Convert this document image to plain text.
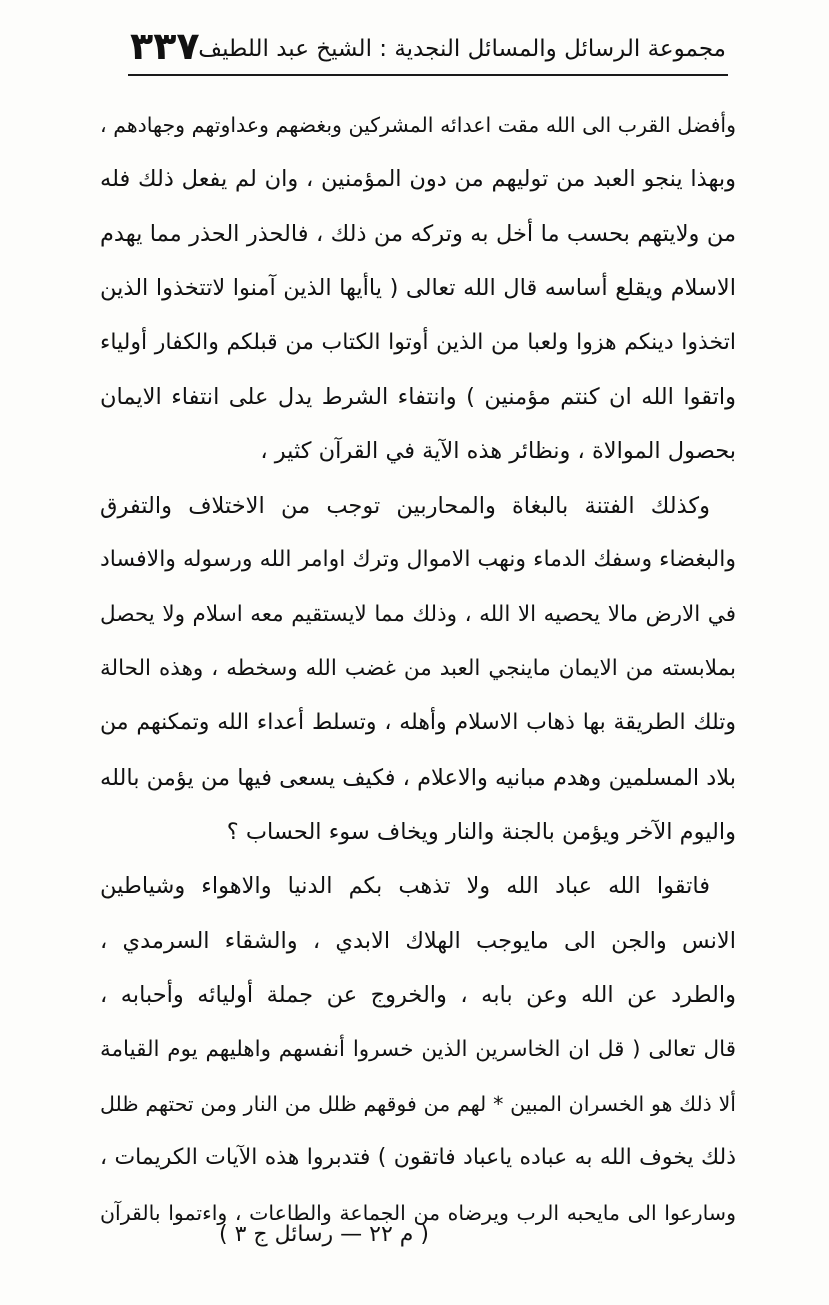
مجموعة الرسائل والمسائل النجدية : الشيخ عبد اللطيف
٣٣٧
وأفضل القرب الى الله مقت اعدائه المشركين وبغضهم وعداوتهم وجهادهم ،
وبهذا ينجو العبد من توليهم من دون المؤمنين ، وان لم يفعل ذلك فله
من ولايتهم بحسب ما أخل به وتركه من ذلك ، فالحذر الحذر مما يهدم
الاسلام ويقلع أساسه قال الله تعالى ( ياأيها الذين آمنوا لاتتخذوا الذين
اتخذوا دينكم هزوا ولعبا من الذين أوتوا الكتاب من قبلكم والكفار أولياء
واتقوا الله ان كنتم مؤمنين ) وانتفاء الشرط يدل على انتفاء الايمان
بحصول الموالاة ، ونظائر هذه الآية في القرآن كثير ،
وكذلك الفتنة بالبغاة والمحاربين توجب من الاختلاف والتفرق
والبغضاء وسفك الدماء ونهب الاموال وترك اوامر الله ورسوله والافساد
في الارض مالا يحصيه الا الله ، وذلك مما لايستقيم معه اسلام ولا يحصل
بملابسته من الايمان ماينجي العبد من غضب الله وسخطه ، وهذه الحالة
وتلك الطريقة بها ذهاب الاسلام وأهله ، وتسلط أعداء الله وتمكنهم من
بلاد المسلمين وهدم مبانيه والاعلام ، فكيف يسعى فيها من يؤمن بالله
واليوم الآخر ويؤمن بالجنة والنار ويخاف سوء الحساب ؟
فاتقوا الله عباد الله ولا تذهب بكم الدنيا والاهواء وشياطين
الانس والجن الى مايوجب الهلاك الابدي ، والشقاء السرمدي ،
والطرد عن الله وعن بابه ، والخروج عن جملة أوليائه وأحبابه ،
قال تعالى ( قل ان الخاسرين الذين خسروا أنفسهم واهليهم يوم القيامة
ألا ذلك هو الخسران المبين * لهم من فوقهم ظلل من النار ومن تحتهم ظلل
ذلك يخوف الله به عباده ياعباد فاتقون ) فتدبروا هذه الآيات الكريمات ،
وسارعوا الى مايحبه الرب ويرضاه من الجماعة والطاعات ، واءتموا بالقرآن
( م ٢٢ — رسائل ج ٣ )
